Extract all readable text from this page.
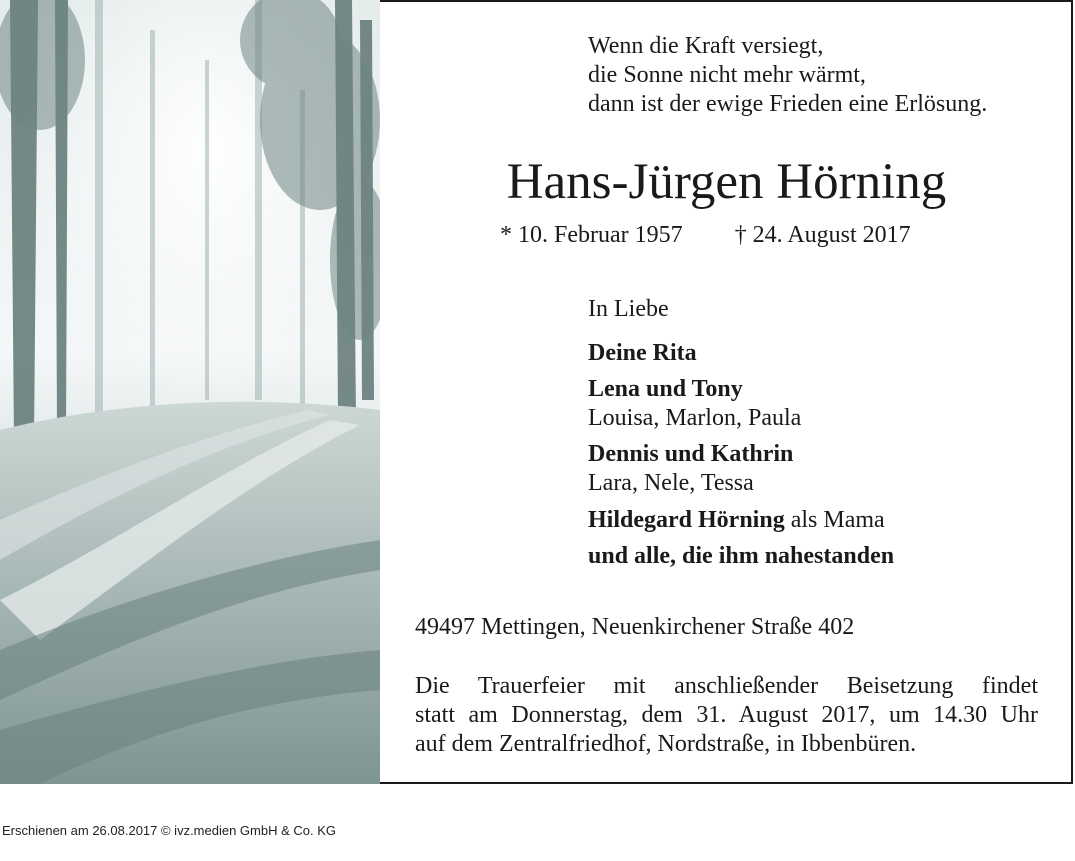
Wenn die Kraft versiegt,
die Sonne nicht mehr wärmt,
dann ist der ewige Frieden eine Erlösung.
Hans-Jürgen Hörning
* 10. Februar 1957 † 24. August 2017
In Liebe
Deine Rita
Lena und Tony
Louisa, Marlon, Paula
Dennis und Kathrin
Lara, Nele, Tessa
Hildegard Hörning als Mama
und alle, die ihm nahestanden
49497 Mettingen, Neuenkirchener Straße 402
Die Trauerfeier mit anschließender Beisetzung findet
statt am Donnerstag, dem 31. August 2017, um 14.30 Uhr
auf dem Zentralfriedhof, Nordstraße, in Ibbenbüren.
Erschienen am 26.08.2017 © ivz.medien GmbH & Co. KG
